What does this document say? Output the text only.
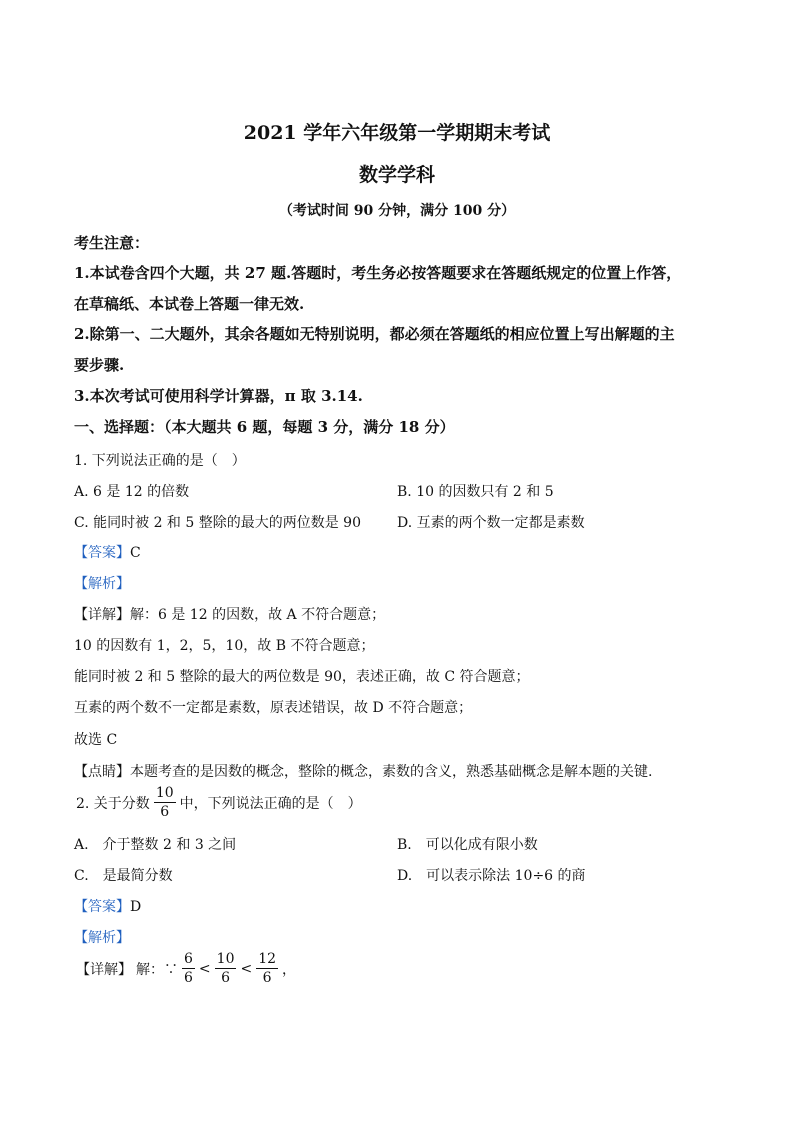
2021 学年六年级第一学期期末考试
数学学科
（考试时间 90 分钟，满分 100 分）
考生注意：
1.本试卷含四个大题，共 27 题.答题时，考生务必按答题要求在答题纸规定的位置上作答，
在草稿纸、本试卷上答题一律无效.
2.除第一、二大题外，其余各题如无特别说明，都必须在答题纸的相应位置上写出解题的主
要步骤.
3.本次考试可使用科学计算器，π 取 3.14.
一、选择题：（本大题共 6 题，每题 3 分，满分 18 分）
1. 下列说法正确的是（　）
A. 6 是 12 的倍数	B. 10 的因数只有 2 和 5
C. 能同时被 2 和 5 整除的最大的两位数是 90	D. 互素的两个数一定都是素数
【答案】C
【解析】
【详解】解：6 是 12 的因数，故 A 不符合题意；
10 的因数有 1，2，5，10，故 B 不符合题意；
能同时被 2 和 5 整除的最大的两位数是 90，表述正确，故 C 符合题意；
互素的两个数不一定都是素数，原表述错误，故 D 不符合题意；
故选 C
【点睛】本题考查的是因数的概念，整除的概念，素数的含义，熟悉基础概念是解本题的关键.
2. 关于分数 $\frac{10}{6}$ 中，下列说法正确的是（　）
A.　介于整数 2 和 3 之间	B.　可以化成有限小数
C.　是最简分数	D.　可以表示除法 10÷6 的商
【答案】D
【解析】
【详解】 解：∵ $\frac{6}{6} < \frac{10}{6} < \frac{12}{6}$ ，
